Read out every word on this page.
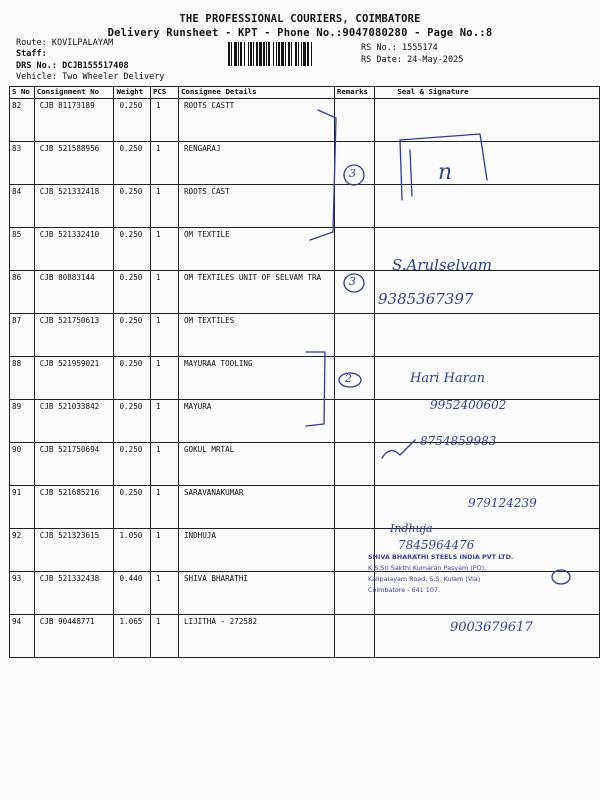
THE PROFESSIONAL COURIERS, COIMBATORE
Delivery Runsheet - KPT - Phone No.:9047080280 - Page No.:8
Route: KOVILPALAYAM
Staff:
DRS No.: DCJB155517408
Vehicle: Two Wheeler Delivery
RS No.: 1555174
RS Date: 24-May-2025
S No	Consignment No	Weight	PCS	Consignee Details	Remarks	Seal & Signature
82	CJB 81173189	0.250	1	ROOTS CASTT		
83	CJB 521588956	0.250	1	RENGARAJ		
84	CJB 521332418	0.250	1	ROOTS CAST		
85	CJB 521332410	0.250	1	OM TEXTILE		
86	CJB 80883144	0.250	1	OM TEXTILES UNIT OF SELVAM TRA		
87	CJB 521750613	0.250	1	OM TEXTILES		
88	CJB 521959021	0.250	1	MAYURAA TOOLING		
89	CJB 521033842	0.250	1	MAYURA		
90	CJB 521750694	0.250	1	GOKUL MRTAL		
91	CJB 521685216	0.250	1	SARAVANAKUMAR		
92	CJB 521323615	1.050	1	INDHUJA		
93	CJB 521332438	0.440	1	SHIVA BHARATHI		
94	CJB 90448771	1.065	1	LIJITHA - 272582		
3
3
2
n
S.Arulselvam
9385367397
Hari Haran
9952400602
8754859983
979124239
Indhuja
7845964476
9003679617
SHIVA BHARATHI STEELS INDIA PVT LTD.
K.S.Sri Sakthi Kumaran Pasyam (PO),
Kalipalayam Road, S.S. Kulam (Via)
Coimbatore - 641 107.
